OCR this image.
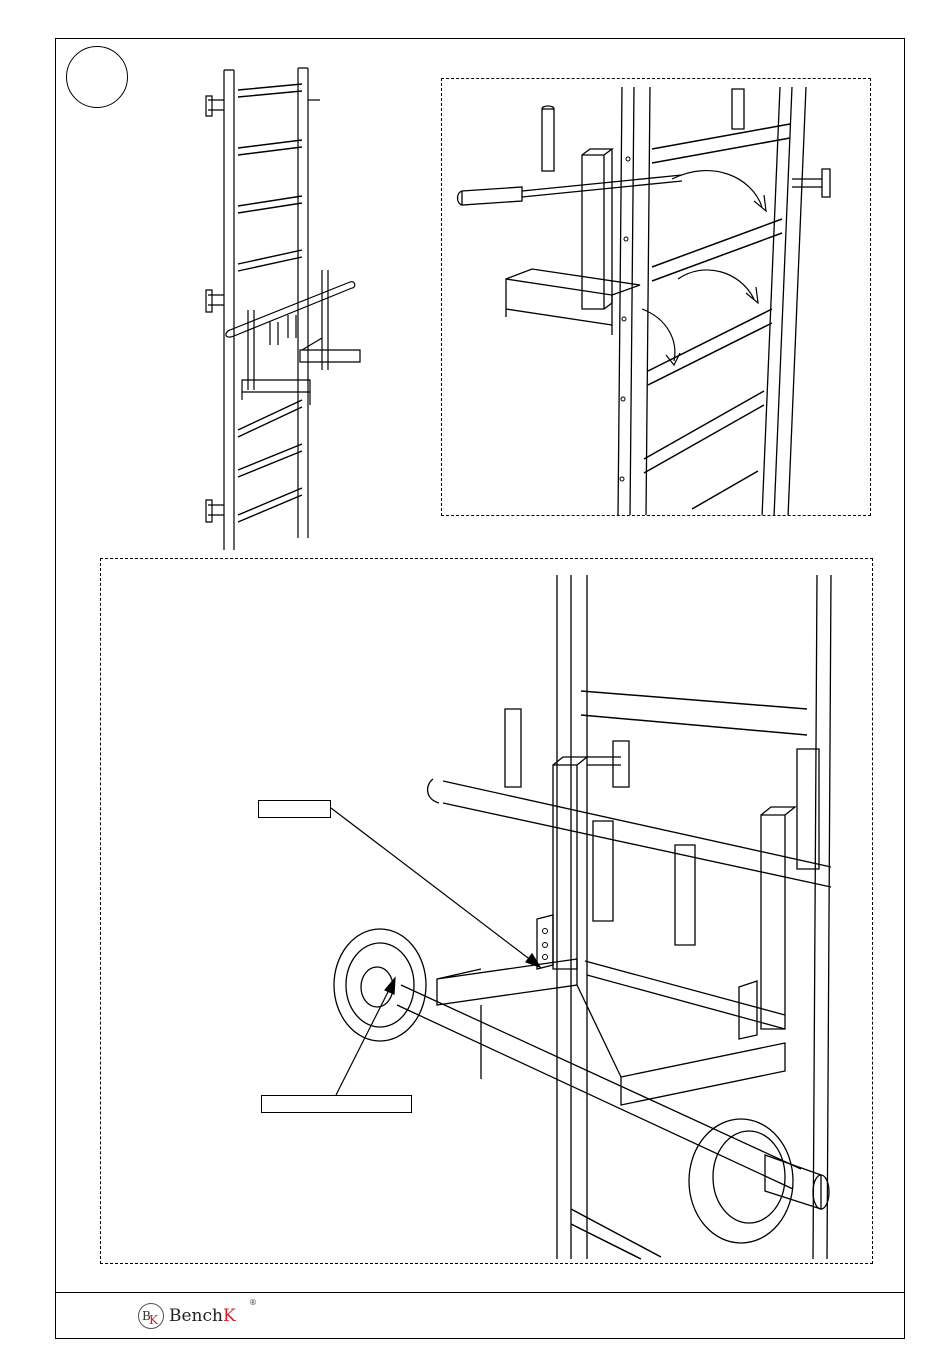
B
K BenchK
®
